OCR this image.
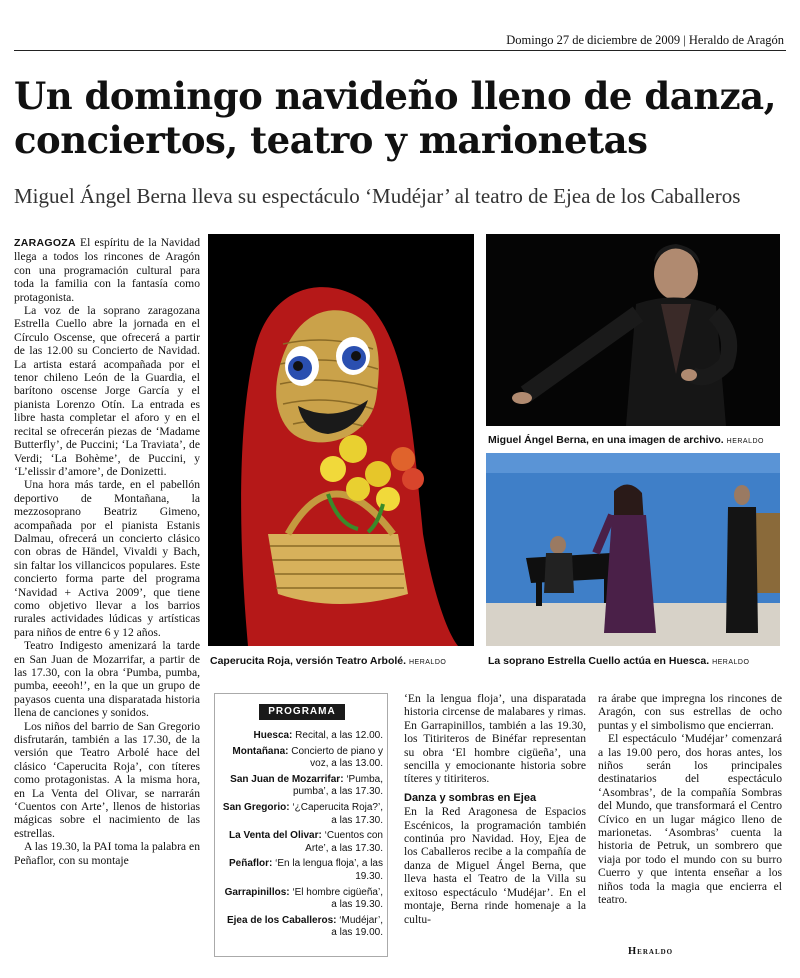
Domingo 27 de diciembre de 2009 | Heraldo de Aragón
Un domingo navideño lleno de danza, conciertos, teatro y marionetas
Miguel Ángel Berna lleva su espectáculo ‘Mudéjar’ al teatro de Ejea de los Caballeros

ZARAGOZA El espíritu de la Navidad llega a todos los rincones de Aragón con una programación cultural para toda la familia con la fantasía como protagonista.

La voz de la soprano zaragozana Estrella Cuello abre la jornada en el Círculo Oscense, que ofrecerá a partir de las 12.00 su Concierto de Navidad. La artista estará acompañada por el tenor chileno León de la Guardia, el barítono oscense Jorge García y el pianista Lorenzo Otín. La entrada es libre hasta completar el aforo y en el recital se ofrecerán piezas de ‘Madame Butterfly’, de Puccini; ‘La Traviata’, de Verdi; ‘La Bohème’, de Puccini, y ‘L’elissir d’amore’, de Donizetti.

Una hora más tarde, en el pabellón deportivo de Montañana, la mezzosoprano Beatriz Gimeno, acompañada por el pianista Estanis Dalmau, ofrecerá un concierto clásico con obras de Händel, Vivaldi y Bach, sin faltar los villancicos populares. Este concierto forma parte del programa ‘Navidad + Activa 2009’, que tiene como objetivo llevar a los barrios rurales actividades lúdicas y artísticas para niños de entre 6 y 12 años.

Teatro Indigesto amenizará la tarde en San Juan de Mozarrifar, a partir de las 17.30, con la obra ‘Pumba, pumba, pumba, eeeoh!’, en la que un grupo de payasos cuenta una disparatada historia llena de canciones y sonidos.

Los niños del barrio de San Gregorio disfrutarán, también a las 17.30, de la versión que Teatro Arbolé hace del clásico ‘Caperucita Roja’, con títeres como protagonistas. A la misma hora, en La Venta del Olivar, se narrarán ‘Cuentos con Arte’, llenos de historias mágicas sobre el nacimiento de las estrellas.

A las 19.30, la PAI toma la palabra en Peñaflor, con su montaje

Caperucita Roja, versión Teatro Arbolé. HERALDO
Miguel Ángel Berna, en una imagen de archivo. HERALDO
La soprano Estrella Cuello actúa en Huesca. HERALDO
PROGRAMA
Huesca: Recital, a las 12.00.
Montañana: Concierto de piano y voz, a las 13.00.
San Juan de Mozarrifar: ‘Pumba, pumba’, a las 17.30.
San Gregorio: ‘¿Caperucita Roja?’, a las 17.30.
La Venta del Olivar: ‘Cuentos con Arte’, a las 17.30.
Peñaflor: ‘En la lengua floja’, a las 19.30.
Garrapinillos: ‘El hombre cigüeña’, a las 19.30.
Ejea de los Caballeros: ‘Mudéjar’, a las 19.00.

‘En la lengua floja’, una disparatada historia circense de malabares y rimas. En Garrapinillos, también a las 19.30, los Titiriteros de Binéfar representan su obra ‘El hombre cigüeña’, una sencilla y emocionante historia sobre títeres y titiriteros.

Danza y sombras en Ejea

En la Red Aragonesa de Espacios Escénicos, la programación también continúa pro Navidad. Hoy, Ejea de los Caballeros recibe a la compañía de danza de Miguel Ángel Berna, que lleva hasta el Teatro de la Villa su exitoso espectáculo ‘Mudéjar’. En el montaje, Berna rinde homenaje a la cultu-

ra árabe que impregna los rincones de Aragón, con sus estrellas de ocho puntas y el simbolismo que encierran.

El espectáculo ‘Mudéjar’ comenzará a las 19.00 pero, dos horas antes, los niños serán los principales destinatarios del espectáculo ‘Asombras’, de la compañía Sombras del Mundo, que transformará el Centro Cívico en un lugar mágico lleno de marionetas. ‘Asombras’ cuenta la historia de Petruk, un sombrero que viaja por todo el mundo con su burro Cuerro y que intenta enseñar a los niños toda la magia que encierra el teatro.

Heraldo
